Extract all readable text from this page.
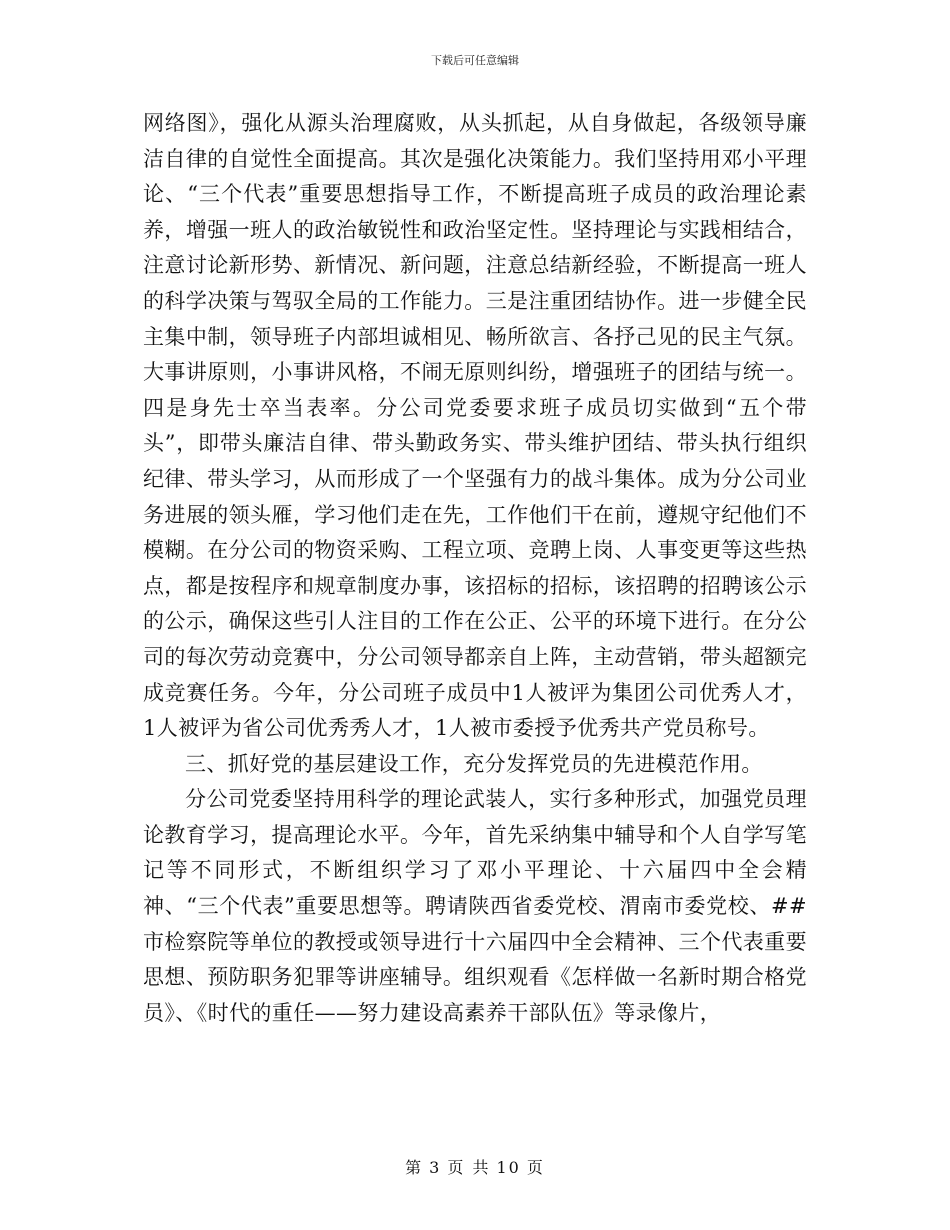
下载后可任意编辑

网络图》，强化从源头治理腐败，从头抓起，从自身做起，各级领导廉洁自律的自觉性全面提高。其次是强化决策能力。我们坚持用邓小平理论、“三个代表”重要思想指导工作，不断提高班子成员的政治理论素养，增强一班人的政治敏锐性和政治坚定性。坚持理论与实践相结合，注意讨论新形势、新情况、新问题，注意总结新经验，不断提高一班人的科学决策与驾驭全局的工作能力。三是注重团结协作。进一步健全民主集中制，领导班子内部坦诚相见、畅所欲言、各抒己见的民主气氛。大事讲原则，小事讲风格，不闹无原则纠纷，增强班子的团结与统一。四是身先士卒当表率。分公司党委要求班子成员切实做到“五个带头”，即带头廉洁自律、带头勤政务实、带头维护团结、带头执行组织纪律、带头学习，从而形成了一个坚强有力的战斗集体。成为分公司业务进展的领头雁，学习他们走在先，工作他们干在前，遵规守纪他们不模糊。在分公司的物资采购、工程立项、竞聘上岗、人事变更等这些热点，都是按程序和规章制度办事，该招标的招标，该招聘的招聘该公示的公示，确保这些引人注目的工作在公正、公平的环境下进行。在分公司的每次劳动竞赛中，分公司领导都亲自上阵，主动营销，带头超额完成竞赛任务。今年，分公司班子成员中1人被评为集团公司优秀人才，1人被评为省公司优秀秀人才，1人被市委授予优秀共产党员称号。

三、抓好党的基层建设工作，充分发挥党员的先进模范作用。

分公司党委坚持用科学的理论武装人，实行多种形式，加强党员理论教育学习，提高理论水平。今年，首先采纳集中辅导和个人自学写笔记等不同形式，不断组织学习了邓小平理论、十六届四中全会精神、“三个代表”重要思想等。聘请陕西省委党校、渭南市委党校、##市检察院等单位的教授或领导进行十六届四中全会精神、三个代表重要思想、预防职务犯罪等讲座辅导。组织观看《怎样做一名新时期合格党员》、《时代的重任——努力建设高素养干部队伍》等录像片，

第 3 页 共 10 页
